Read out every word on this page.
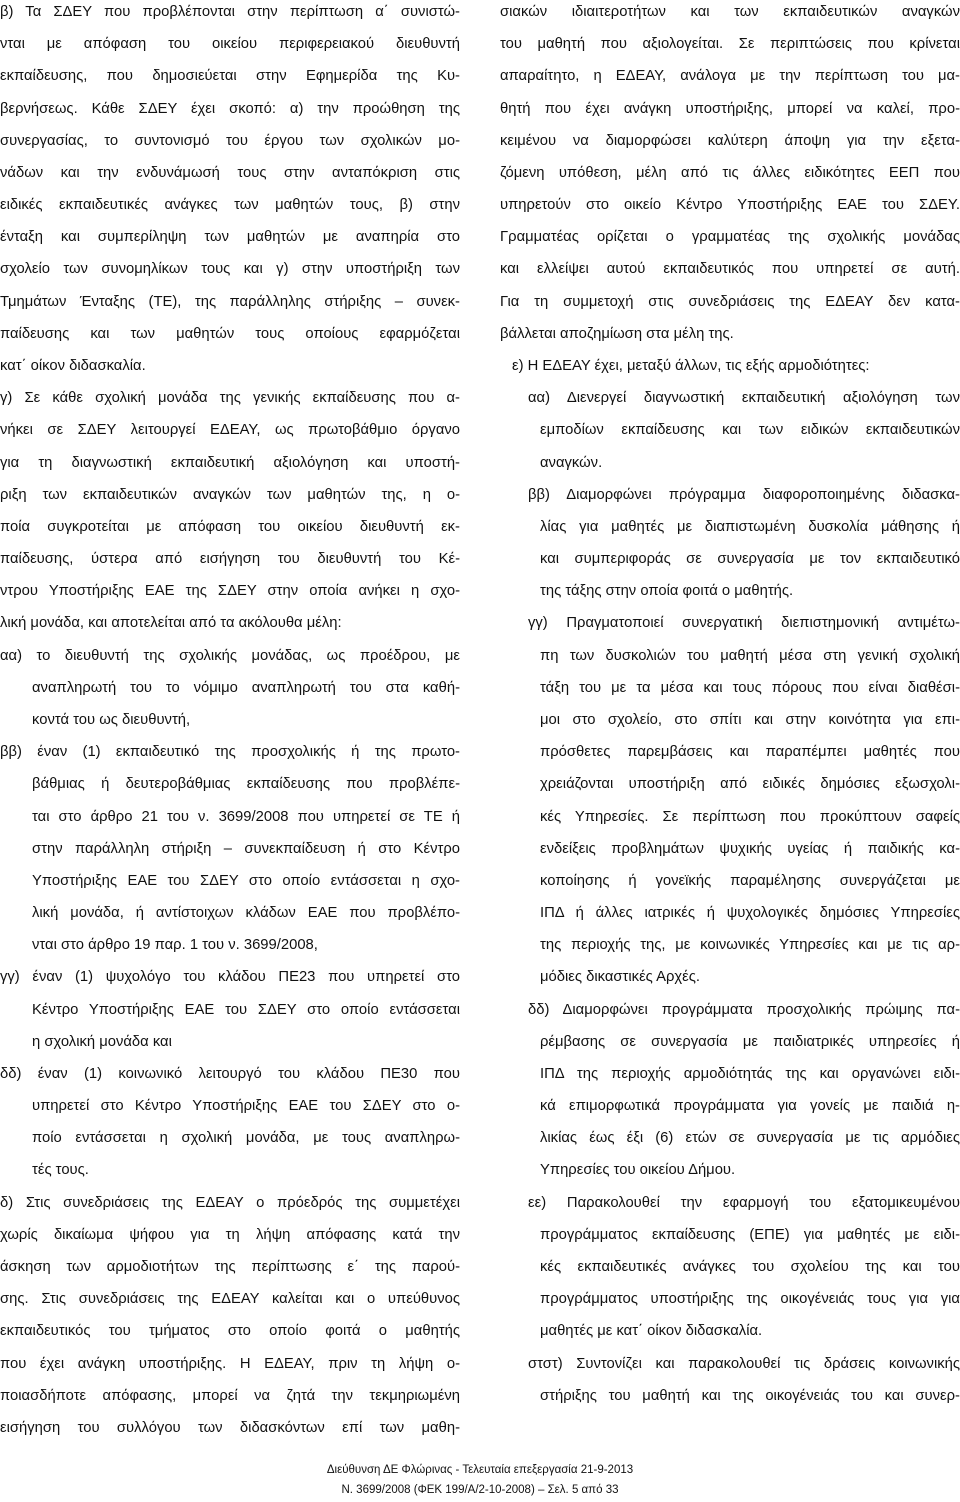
β) Τα ΣΔΕΥ που προβλέπονται στην περίπτωση α΄ συνιστώ-
νται με απόφαση του οικείου περιφερειακού διευθυντή
εκπαίδευσης, που δημοσιεύεται στην Εφημερίδα της Κυ-
βερνήσεως. Κάθε ΣΔΕΥ έχει σκοπό: α) την προώθηση της
συνεργασίας, το συντονισμό του έργου των σχολικών μο-
νάδων και την ενδυνάμωσή τους στην ανταπόκριση στις
ειδικές εκπαιδευτικές ανάγκες των μαθητών τους, β) στην
ένταξη και συμπερίληψη των μαθητών με αναπηρία στο
σχολείο των συνομηλίκων τους και γ) στην υποστήριξη των
Τμημάτων Ένταξης (ΤΕ), της παράλληλης στήριξης – συνεκ-
παίδευσης και των μαθητών τους οποίους εφαρμόζεται
κατ΄ οίκον διδασκαλία.
γ) Σε κάθε σχολική μονάδα της γενικής εκπαίδευσης που α-
νήκει σε ΣΔΕΥ λειτουργεί ΕΔΕΑΥ, ως πρωτοβάθμιο όργανο
για τη διαγνωστική εκπαιδευτική αξιολόγηση και υποστή-
ριξη των εκπαιδευτικών αναγκών των μαθητών της, η ο-
ποία συγκροτείται με απόφαση του οικείου διευθυντή εκ-
παίδευσης, ύστερα από εισήγηση του διευθυντή του Κέ-
ντρου Υποστήριξης ΕΑΕ της ΣΔΕΥ στην οποία ανήκει η σχο-
λική μονάδα, και αποτελείται από τα ακόλουθα μέλη:
αα) το διευθυντή της σχολικής μονάδας, ως προέδρου, με
αναπληρωτή του το νόμιμο αναπληρωτή του στα καθή-
κοντά του ως διευθυντή,
ββ) έναν (1) εκπαιδευτικό της προσχολικής ή της πρωτο-
βάθμιας ή δευτεροβάθμιας εκπαίδευσης που προβλέπε-
ται στο άρθρο 21 του ν. 3699/2008 που υπηρετεί σε ΤΕ ή
στην παράλληλη στήριξη – συνεκπαίδευση ή στο Κέντρο
Υποστήριξης ΕΑΕ του ΣΔΕΥ στο οποίο εντάσσεται η σχο-
λική μονάδα, ή αντίστοιχων κλάδων ΕΑΕ που προβλέπο-
νται στο άρθρο 19 παρ. 1 του ν. 3699/2008,
γγ) έναν (1) ψυχολόγο του κλάδου ΠΕ23 που υπηρετεί στο
Κέντρο Υποστήριξης ΕΑΕ του ΣΔΕΥ στο οποίο εντάσσεται
η σχολική μονάδα και
δδ) έναν (1) κοινωνικό λειτουργό του κλάδου ΠΕ30 που
υπηρετεί στο Κέντρο Υποστήριξης ΕΑΕ του ΣΔΕΥ στο ο-
ποίο εντάσσεται η σχολική μονάδα, με τους αναπληρω-
τές τους.
δ) Στις συνεδριάσεις της ΕΔΕΑΥ ο πρόεδρός της συμμετέχει
χωρίς δικαίωμα ψήφου για τη λήψη απόφασης κατά την
άσκηση των αρμοδιοτήτων της περίπτωσης ε΄ της παρού-
σης. Στις συνεδριάσεις της ΕΔΕΑΥ καλείται και ο υπεύθυνος
εκπαιδευτικός του τμήματος στο οποίο φοιτά ο μαθητής
που έχει ανάγκη υποστήριξης. Η ΕΔΕΑΥ, πριν τη λήψη ο-
ποιασδήποτε απόφασης, μπορεί να ζητά την τεκμηριωμένη
εισήγηση του συλλόγου των διδασκόντων επί των μαθη-
σιακών ιδιαιτεροτήτων και των εκπαιδευτικών αναγκών
του μαθητή που αξιολογείται. Σε περιπτώσεις που κρίνεται
απαραίτητο, η ΕΔΕΑΥ, ανάλογα με την περίπτωση του μα-
θητή που έχει ανάγκη υποστήριξης, μπορεί να καλεί, προ-
κειμένου να διαμορφώσει καλύτερη άποψη για την εξετα-
ζόμενη υπόθεση, μέλη από τις άλλες ειδικότητες ΕΕΠ που
υπηρετούν στο οικείο Κέντρο Υποστήριξης ΕΑΕ του ΣΔΕΥ.
Γραμματέας ορίζεται ο γραμματέας της σχολικής μονάδας
και ελλείψει αυτού εκπαιδευτικός που υπηρετεί σε αυτή.
Για τη συμμετοχή στις συνεδριάσεις της ΕΔΕΑΥ δεν κατα-
βάλλεται αποζημίωση στα μέλη της.
ε) Η ΕΔΕΑΥ έχει, μεταξύ άλλων, τις εξής αρμοδιότητες:
αα) Διενεργεί διαγνωστική εκπαιδευτική αξιολόγηση των
εμποδίων εκπαίδευσης και των ειδικών εκπαιδευτικών
αναγκών.
ββ) Διαμορφώνει πρόγραμμα διαφοροποιημένης διδασκα-
λίας για μαθητές με διαπιστωμένη δυσκολία μάθησης ή
και συμπεριφοράς σε συνεργασία με τον εκπαιδευτικό
της τάξης στην οποία φοιτά ο μαθητής.
γγ) Πραγματοποιεί συνεργατική διεπιστημονική αντιμέτω-
πη των δυσκολιών του μαθητή μέσα στη γενική σχολική
τάξη του με τα μέσα και τους πόρους που είναι διαθέσι-
μοι στο σχολείο, στο σπίτι και στην κοινότητα για επι-
πρόσθετες παρεμβάσεις και παραπέμπει μαθητές που
χρειάζονται υποστήριξη από ειδικές δημόσιες εξωσχολι-
κές Υπηρεσίες. Σε περίπτωση που προκύπτουν σαφείς
ενδείξεις προβλημάτων ψυχικής υγείας ή παιδικής κα-
κοποίησης ή γονεϊκής παραμέλησης συνεργάζεται με
ΙΠΔ ή άλλες ιατρικές ή ψυχολογικές δημόσιες Υπηρεσίες
της περιοχής της, με κοινωνικές Υπηρεσίες και με τις αρ-
μόδιες δικαστικές Αρχές.
δδ) Διαμορφώνει προγράμματα προσχολικής πρώιμης πα-
ρέμβασης σε συνεργασία με παιδιατρικές υπηρεσίες ή
ΙΠΔ της περιοχής αρμοδιότητάς της και οργανώνει ειδι-
κά επιμορφωτικά προγράμματα για γονείς με παιδιά η-
λικίας έως έξι (6) ετών σε συνεργασία με τις αρμόδιες
Υπηρεσίες του οικείου Δήμου.
εε) Παρακολουθεί την εφαρμογή του εξατομικευμένου
προγράμματος εκπαίδευσης (ΕΠΕ) για μαθητές με ειδι-
κές εκπαιδευτικές ανάγκες του σχολείου της και του
προγράμματος υποστήριξης της οικογένειάς τους για για
μαθητές με κατ΄ οίκον διδασκαλία.
στστ) Συντονίζει και παρακολουθεί τις δράσεις κοινωνικής
στήριξης του μαθητή και της οικογένειάς του και συνερ-
Διεύθυνση ΔΕ Φλώρινας - Τελευταία επεξεργασία 21-9-2013
Ν. 3699/2008 (ΦΕΚ 199/Α/2-10-2008) – Σελ. 5 από 33
